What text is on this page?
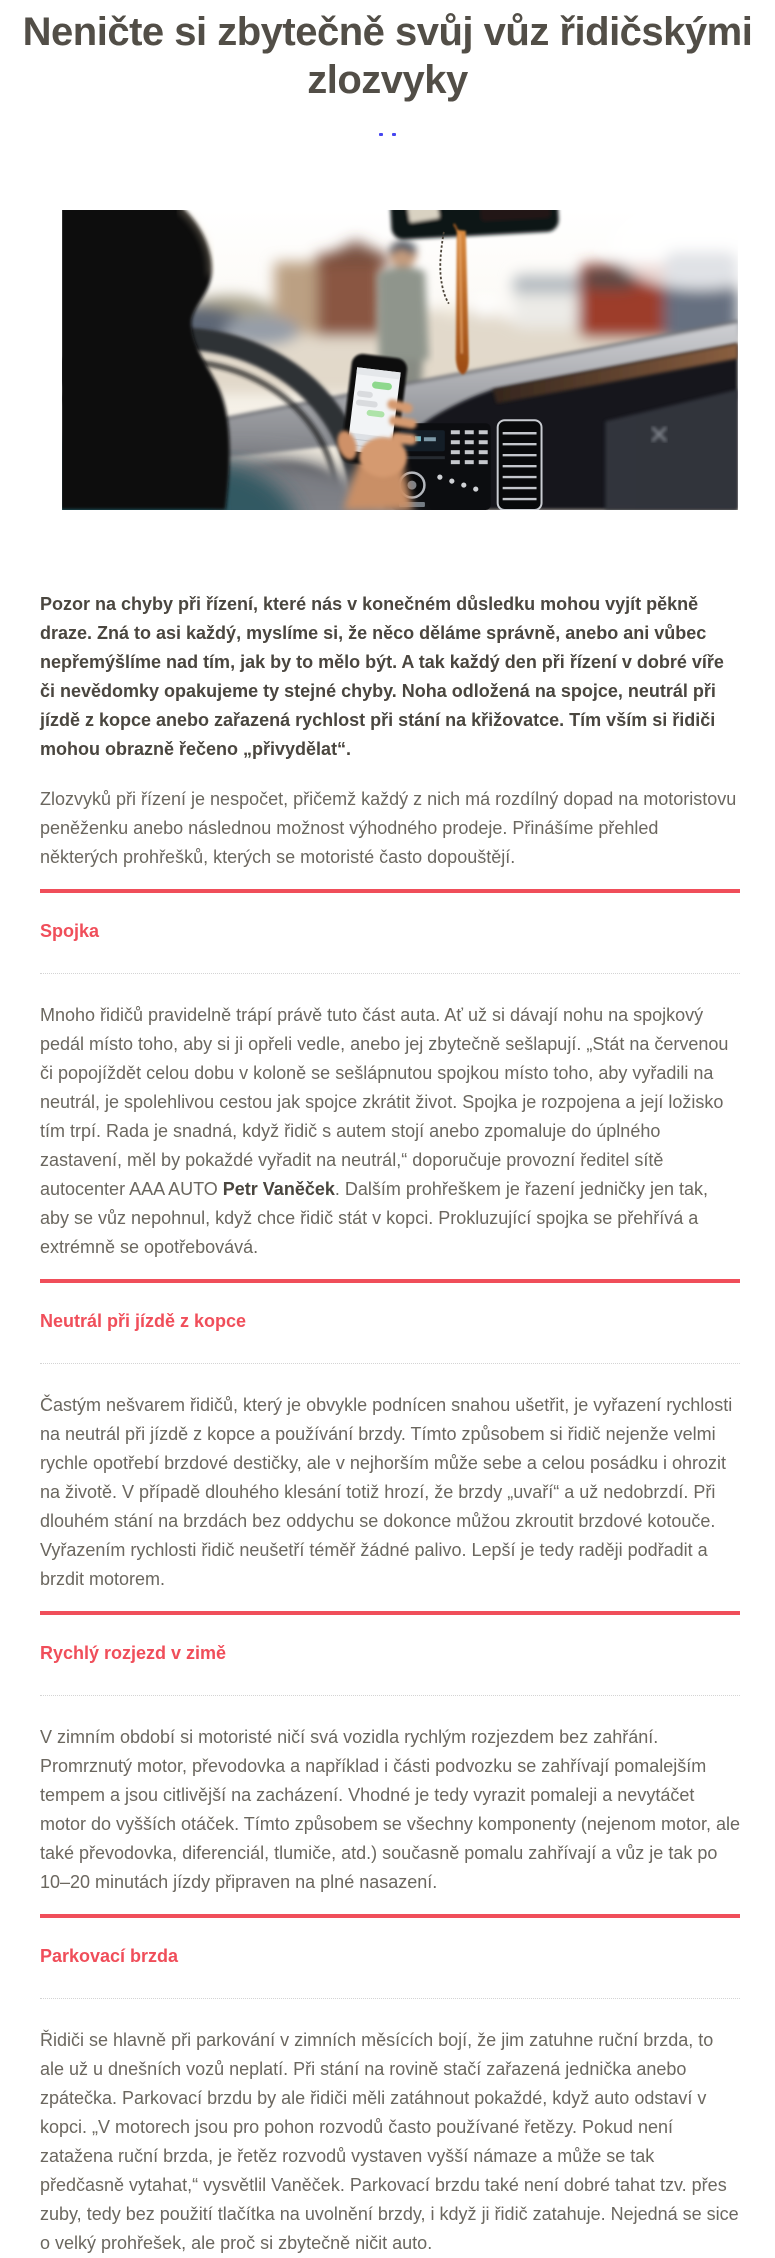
Neničte si zbytečně svůj vůz řidičskými zlozvyky

Pozor na chyby při řízení, které nás v konečném důsledku mohou vyjít pěkně draze. Zná to asi každý, myslíme si, že něco děláme správně, anebo ani vůbec nepřemýšlíme nad tím, jak by to mělo být. A tak každý den při řízení v dobré víře či nevědomky opakujeme ty stejné chyby. Noha odložená na spojce, neutrál při jízdě z kopce anebo zařazená rychlost při stání na křižovatce. Tím vším si řidiči mohou obrazně řečeno „přivydělat“.

Zlozvyků při řízení je nespočet, přičemž každý z nich má rozdílný dopad na motoristovu peněženku anebo následnou možnost výhodného prodeje. Přinášíme přehled některých prohřešků, kterých se motoristé často dopouštějí.

Spojka

Mnoho řidičů pravidelně trápí právě tuto část auta. Ať už si dávají nohu na spojkový pedál místo toho, aby si ji opřeli vedle, anebo jej zbytečně sešlapují. „Stát na červenou či popojíždět celou dobu v koloně se sešlápnutou spojkou místo toho, aby vyřadili na neutrál, je spolehlivou cestou jak spojce zkrátit život. Spojka je rozpojena a její ložisko tím trpí. Rada je snadná, když řidič s autem stojí anebo zpomaluje do úplného zastavení, měl by pokaždé vyřadit na neutrál,“ doporučuje provozní ředitel sítě autocenter AAA AUTO Petr Vaněček. Dalším prohřeškem je řazení jedničky jen tak, aby se vůz nepohnul, když chce řidič stát v kopci. Prokluzující spojka se přehřívá a extrémně se opotřebovává.

Neutrál při jízdě z kopce

Častým nešvarem řidičů, který je obvykle podnícen snahou ušetřit, je vyřazení rychlosti na neutrál při jízdě z kopce a používání brzdy. Tímto způsobem si řidič nejenže velmi rychle opotřebí brzdové destičky, ale v nejhorším může sebe a celou posádku i ohrozit na životě. V případě dlouhého klesání totiž hrozí, že brzdy „uvaří“ a už nedobrzdí. Při dlouhém stání na brzdách bez oddychu se dokonce můžou zkroutit brzdové kotouče. Vyřazením rychlosti řidič neušetří téměř žádné palivo. Lepší je tedy raději podřadit a brzdit motorem.

Rychlý rozjezd v zimě

V zimním období si motoristé ničí svá vozidla rychlým rozjezdem bez zahřání. Promrznutý motor, převodovka a například i části podvozku se zahřívají pomalejším tempem a jsou citlivější na zacházení. Vhodné je tedy vyrazit pomaleji a nevytáčet motor do vyšších otáček. Tímto způsobem se všechny komponenty (nejenom motor, ale také převodovka, diferenciál, tlumiče, atd.) současně pomalu zahřívají a vůz je tak po 10–20 minutách jízdy připraven na plné nasazení.

Parkovací brzda

Řidiči se hlavně při parkování v zimních měsících bojí, že jim zatuhne ruční brzda, to ale už u dnešních vozů neplatí. Při stání na rovině stačí zařazená jednička anebo zpátečka. Parkovací brzdu by ale řidiči měli zatáhnout pokaždé, když auto odstaví v kopci. „V motorech jsou pro pohon rozvodů často používané řetězy. Pokud není zatažena ruční brzda, je řetěz rozvodů vystaven vyšší námaze a může se tak předčasně vytahat,“ vysvětlil Vaněček. Parkovací brzdu také není dobré tahat tzv. přes zuby, tedy bez použití tlačítka na uvolnění brzdy, i když ji řidič zatahuje. Nejedná se sice o velký prohřešek, ale proč si zbytečně ničit auto.
